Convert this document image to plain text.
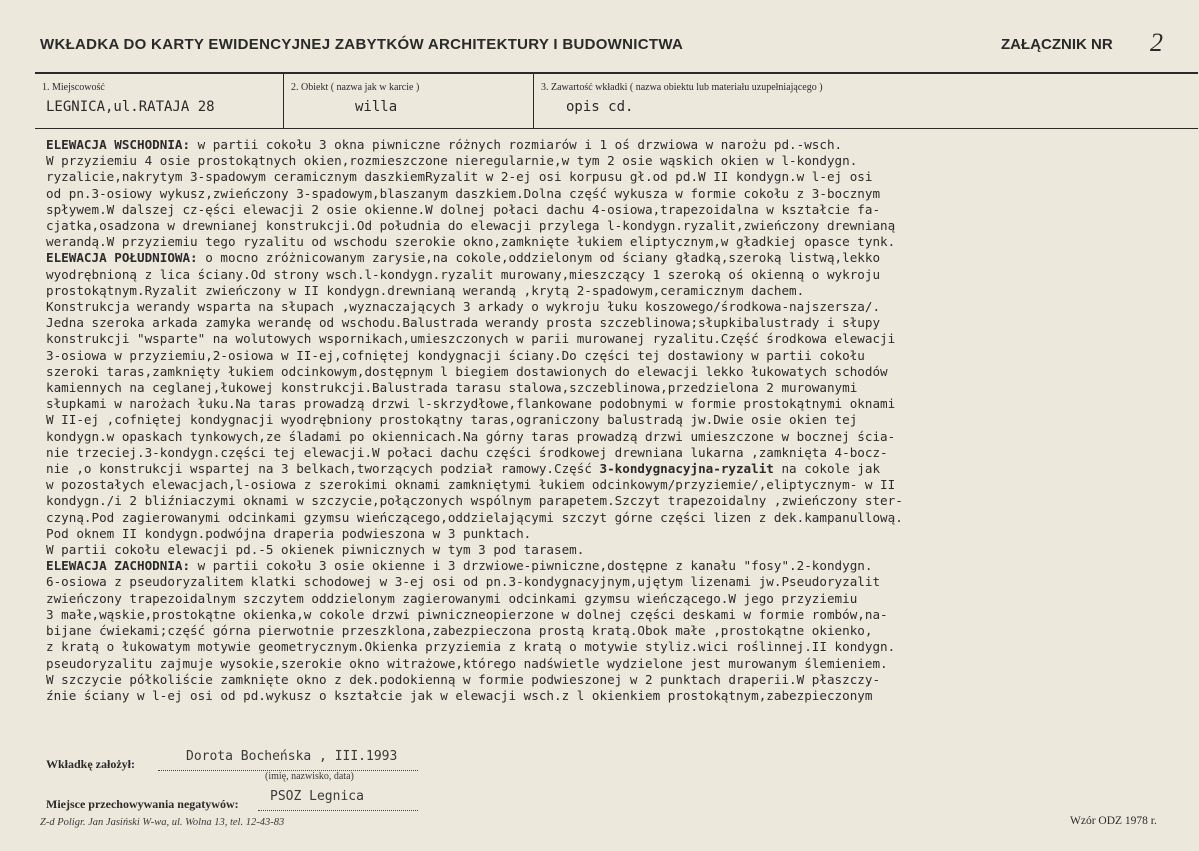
WKŁADKA DO KARTY EWIDENCYJNEJ ZABYTKÓW ARCHITEKTURY I BUDOWNICTWA	ZAŁĄCZNIK NR 2
1. Miejscowość
LEGNICA,ul.RATAJA 28
2. Obiekt ( nazwa jak w karcie )
willa
3. Zawartość wkładki ( nazwa obiektu lub materiału uzupełniającego )
opis cd.

ELEWACJA WSCHODNIA: w partii cokołu 3 okna piwniczne różnych rozmiarów i 1 oś drzwiowa w narożu pd.-wsch.

W przyziemiu 4 osie prostokątnych okien,rozmieszczone nieregularnie,w tym 2 osie wąskich okien w l-kondygn.

ryzalicie,nakrytym 3-spadowym ceramicznym daszkiemRyzalit w 2-ej osi korpusu gł.od pd.W II kondygn.w l-ej osi

od pn.3-osiowy wykusz,zwieńczony 3-spadowym,blaszanym daszkiem.Dolna część wykusza w formie cokołu z 3-bocznym

spływem.W dalszej cz-ęści elewacji 2 osie okienne.W dolnej połaci dachu 4-osiowa,trapezoidalna w kształcie fa-

cjatka,osadzona w drewnianej konstrukcji.Od południa do elewacji przylega l-kondygn.ryzalit,zwieńczony drewnianą

werandą.W przyziemiu tego ryzalitu od wschodu szerokie okno,zamknięte łukiem eliptycznym,w gładkiej opasce tynk.

ELEWACJA POŁUDNIOWA: o mocno zróżnicowanym zarysie,na cokole,oddzielonym od ściany gładką,szeroką listwą,lekko

wyodrębnioną z lica ściany.Od strony wsch.l-kondygn.ryzalit murowany,mieszczący 1 szeroką oś okienną o wykroju

prostokątnym.Ryzalit zwieńczony w II kondygn.drewnianą werandą ,krytą 2-spadowym,ceramicznym dachem.

Konstrukcja werandy wsparta na słupach ,wyznaczających 3 arkady o wykroju łuku koszowego/środkowa-najszersza/.

Jedna szeroka arkada zamyka werandę od wschodu.Balustrada werandy prosta szczeblinowa;słupkibalustrady i słupy

konstrukcji "wsparte" na wolutowych wspornikach,umieszczonych w parii murowanej ryzalitu.Część środkowa elewacji

3-osiowa w przyziemiu,2-osiowa w II-ej,cofniętej kondygnacji ściany.Do części tej dostawiony w partii cokołu

szeroki taras,zamknięty łukiem odcinkowym,dostępnym l biegiem dostawionych do elewacji lekko łukowatych schodów

kamiennych na ceglanej,łukowej konstrukcji.Balustrada tarasu stalowa,szczeblinowa,przedzielona 2 murowanymi

słupkami w narożach łuku.Na taras prowadzą drzwi l-skrzydłowe,flankowane podobnymi w formie prostokątnymi oknami

W II-ej ,cofniętej kondygnacji wyodrębniony prostokątny taras,ograniczony balustradą jw.Dwie osie okien tej

kondygn.w opaskach tynkowych,ze śladami po okiennicach.Na górny taras prowadzą drzwi umieszczone w bocznej ścia-

nie trzeciej.3-kondygn.części tej elewacji.W połaci dachu części środkowej drewniana lukarna ,zamknięta 4-bocz-

nie ,o konstrukcji wspartej na 3 belkach,tworzących podział ramowy.Część 3-kondygnacyjna-ryzalit na cokole jak

w pozostałych elewacjach,l-osiowa z szerokimi oknami zamkniętymi łukiem odcinkowym/przyziemie/,eliptycznym- w II

kondygn./i 2 bliźniaczymi oknami w szczycie,połączonych wspólnym parapetem.Szczyt trapezoidalny ,zwieńczony ster-

czyną.Pod zagierowanymi odcinkami gzymsu wieńczącego,oddzielającymi szczyt górne części lizen z dek.kampanullową.

Pod oknem II kondygn.podwójna draperia podwieszona w 3 punktach.

W partii cokołu elewacji pd.-5 okienek piwnicznych w tym 3 pod tarasem.

ELEWACJA ZACHODNIA: w partii cokołu 3 osie okienne i 3 drzwiowe-piwniczne,dostępne z kanału "fosy".2-kondygn.

6-osiowa z pseudoryzalitem klatki schodowej w 3-ej osi od pn.3-kondygnacyjnym,ujętym lizenami jw.Pseudoryzalit

zwieńczony trapezoidalnym szczytem oddzielonym zagierowanymi odcinkami gzymsu wieńczącego.W jego przyziemiu

3 małe,wąskie,prostokątne okienka,w cokole drzwi piwniczneopierzone w dolnej części deskami w formie rombów,na-

bijane ćwiekami;część górna pierwotnie przeszklona,zabezpieczona prostą kratą.Obok małe ,prostokątne okienko,

z kratą o łukowatym motywie geometrycznym.Okienka przyziemia z kratą o motywie styliz.wici roślinnej.II kondygn.

pseudoryzalitu zajmuje wysokie,szerokie okno witrażowe,którego nadświetle wydzielone jest murowanym ślemieniem.

W szczycie półkoliście zamknięte okno z dek.podokienną w formie podwieszonej w 2 punktach draperii.W płaszczy-

źnie ściany w l-ej osi od pd.wykusz o kształcie jak w elewacji wsch.z l okienkiem prostokątnym,zabezpieczonym

Wkładkę założył:	Dorota Bocheńska , III.1993
(imię, nazwisko, data)
Miejsce przechowywania negatywów: PSOZ Legnica
Z-d Poligr. Jan Jasiński W-wa, ul. Wolna 13, tel. 12-43-83	Wzór ODZ 1978 r.
